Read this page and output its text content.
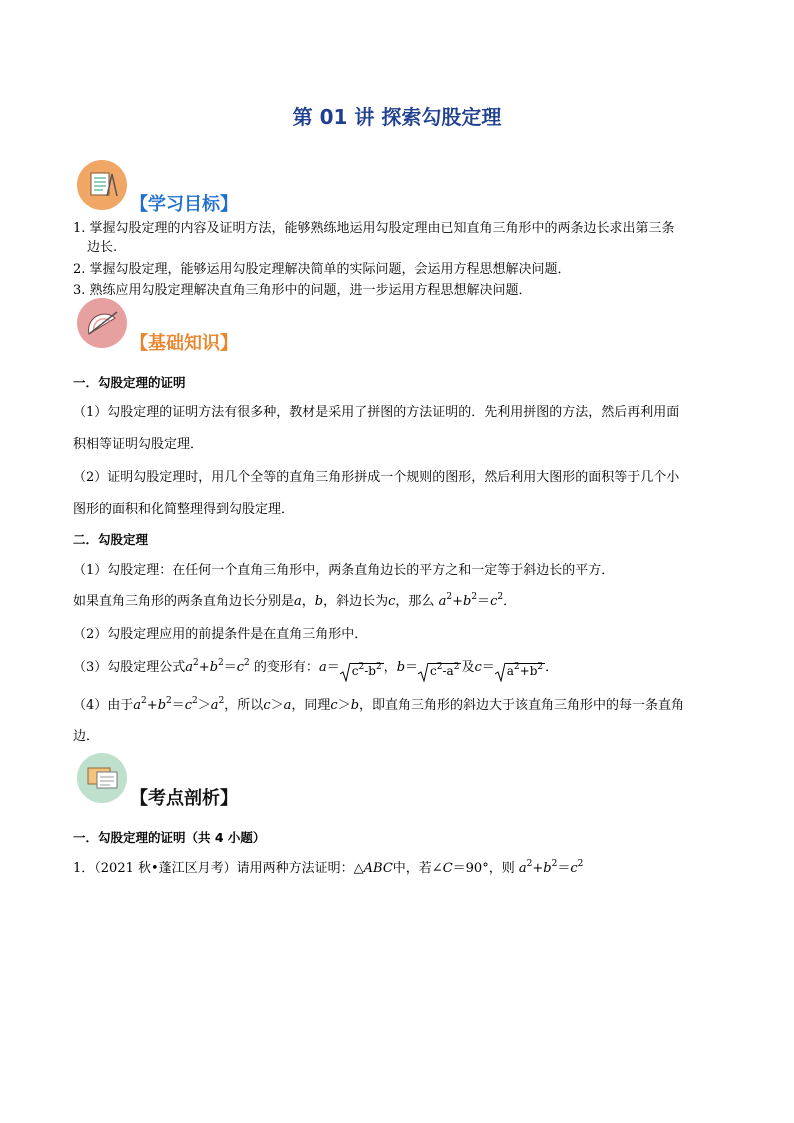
第 01 讲 探索勾股定理
【学习目标】
1. 掌握勾股定理的内容及证明方法，能够熟练地运用勾股定理由已知直角三角形中的两条边长求出第三条
边长.
2. 掌握勾股定理，能够运用勾股定理解决简单的实际问题，会运用方程思想解决问题．
3. 熟练应用勾股定理解决直角三角形中的问题，进一步运用方程思想解决问题．
【基础知识】
一．勾股定理的证明
（1）勾股定理的证明方法有很多种，教材是采用了拼图的方法证明的．先利用拼图的方法，然后再利用面
积相等证明勾股定理．
（2）证明勾股定理时，用几个全等的直角三角形拼成一个规则的图形，然后利用大图形的面积等于几个小
图形的面积和化简整理得到勾股定理．
二．勾股定理
（1）勾股定理：在任何一个直角三角形中，两条直角边长的平方之和一定等于斜边长的平方．
如果直角三角形的两条直角边长分别是a，b，斜边长为c，那么 $a^2+b^2=c^2$．
（2）勾股定理应用的前提条件是在直角三角形中．
（3）勾股定理公式$a^2+b^2=c^2$ 的变形有：$a= c^2-b^2$ ，$b= c^2-a^2$ 及$c= a^2+b^2$ ．
（4）由于$a^2+b^2=c^2>a^2$，所以c＞a，同理c＞b，即直角三角形的斜边大于该直角三角形中的每一条直角
边．
【考点剖析】
一．勾股定理的证明（共 4 小题）
1．（2021 秋•蓬江区月考）请用两种方法证明：△ABC中，若∠C＝90°，则 $a^2+b^2=c^2$
